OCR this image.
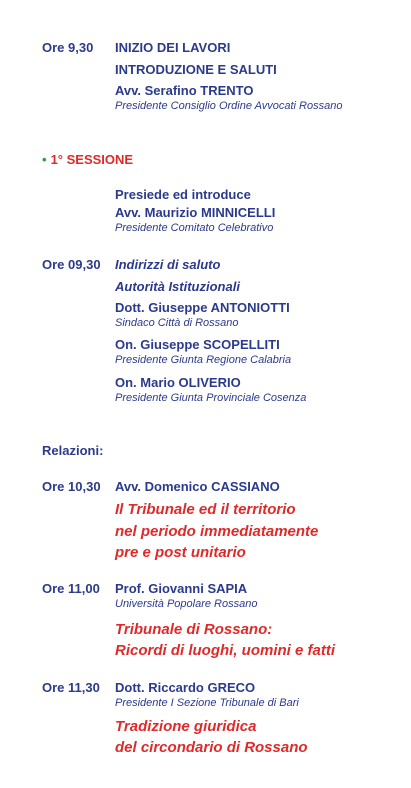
Ore 9,30 INIZIO DEI LAVORI
INTRODUZIONE E SALUTI
Avv. Serafino TRENTO
Presidente Consiglio Ordine Avvocati Rossano
• 1° SESSIONE
Presiede ed introduce
Avv. Maurizio MINNICELLI
Presidente Comitato Celebrativo
Ore 09,30 Indirizzi di saluto
Autorità Istituzionali
Dott. Giuseppe ANTONIOTTI
Sindaco Città di Rossano
On. Giuseppe SCOPELLITI
Presidente Giunta Regione Calabria
On. Mario OLIVERIO
Presidente Giunta Provinciale Cosenza
Relazioni:
Ore 10,30 Avv. Domenico CASSIANO
Il Tribunale ed il territorio
nel periodo immediatamente
pre e post unitario
Ore 11,00 Prof. Giovanni SAPIA
Università Popolare Rossano
Tribunale di Rossano:
Ricordi di luoghi, uomini e fatti
Ore 11,30 Dott. Riccardo GRECO
Presidente I Sezione Tribunale di Bari
Tradizione giuridica
del circondario di Rossano
